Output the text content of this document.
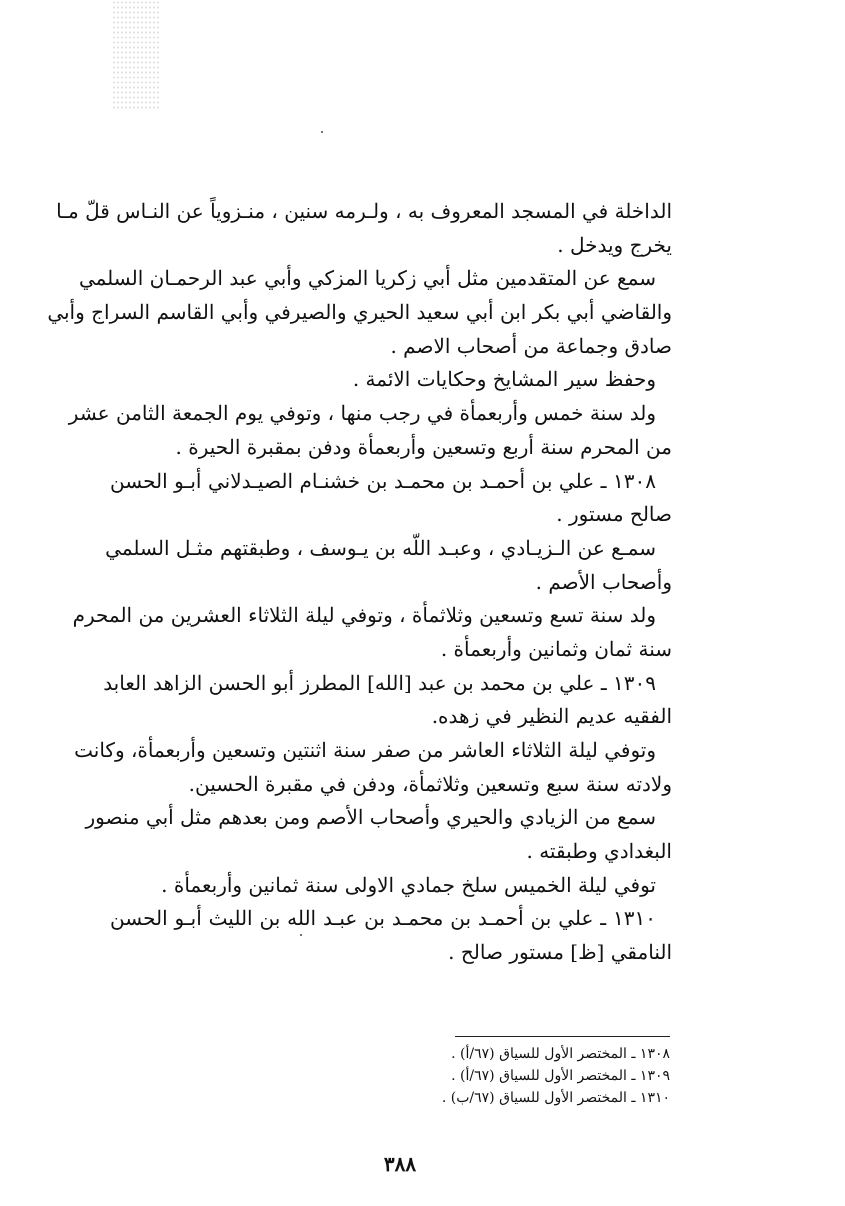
الداخلة في المسجد المعروف به ، ولـرمه سنين ، منـزوياً عن النـاس قلّ مـا
يخرج ويدخل .
سمع عن المتقدمين مثل أبي زكريا المزكي وأبي عبد الرحمـان السلمي
والقاضي أبي بكر ابن أبي سعيد الحيري والصيرفي وأبي القاسم السراج وأبي
صادق وجماعة من أصحاب الاصم .
وحفظ سير المشايخ وحكايات الائمة .
ولد سنة خمس وأربعمأة في رجب منها ، وتوفي يوم الجمعة الثامن عشر
من المحرم سنة أربع وتسعين وأربعمأة ودفن بمقبرة الحيرة .
١٣٠٨ ـ علي بن أحمـد بن محمـد بن خشنـام الصيـدلاني أبـو الحسن
صالح مستور .
سمـع عن الـزيـادي ، وعبـد اللّه بن يـوسف ، وطبقتهم مثـل السلمي
وأصحاب الأصم .
ولد سنة تسع وتسعين وثلاثمأة ، وتوفي ليلة الثلاثاء العشرين من المحرم
سنة ثمان وثمانين وأربعمأة .
١٣٠٩ ـ علي بن محمد بن عبد [الله] المطرز أبو الحسن الزاهد العابد
الفقيه عديم النظير في زهده.
وتوفي ليلة الثلاثاء العاشر من صفر سنة اثنتين وتسعين وأربعمأة، وكانت
ولادته سنة سبع وتسعين وثلاثمأة، ودفن في مقبرة الحسين.
سمع من الزيادي والحيري وأصحاب الأصم ومن بعدهم مثل أبي منصور
البغدادي وطبقته .
توفي ليلة الخميس سلخ جمادي الاولى سنة ثمانين وأربعمأة .
١٣١٠ ـ علي بن أحمـد بن محمـد بن عبـد الله بن الليث أبـو الحسن
النامقي [ظ] مستور صالح .
١٣٠٨ ـ المختصر الأول للسياق (٦٧/أ) .
١٣٠٩ ـ المختصر الأول للسياق (٦٧/أ) .
١٣١٠ ـ المختصر الأول للسياق (٦٧/ب) .
٣٨٨
